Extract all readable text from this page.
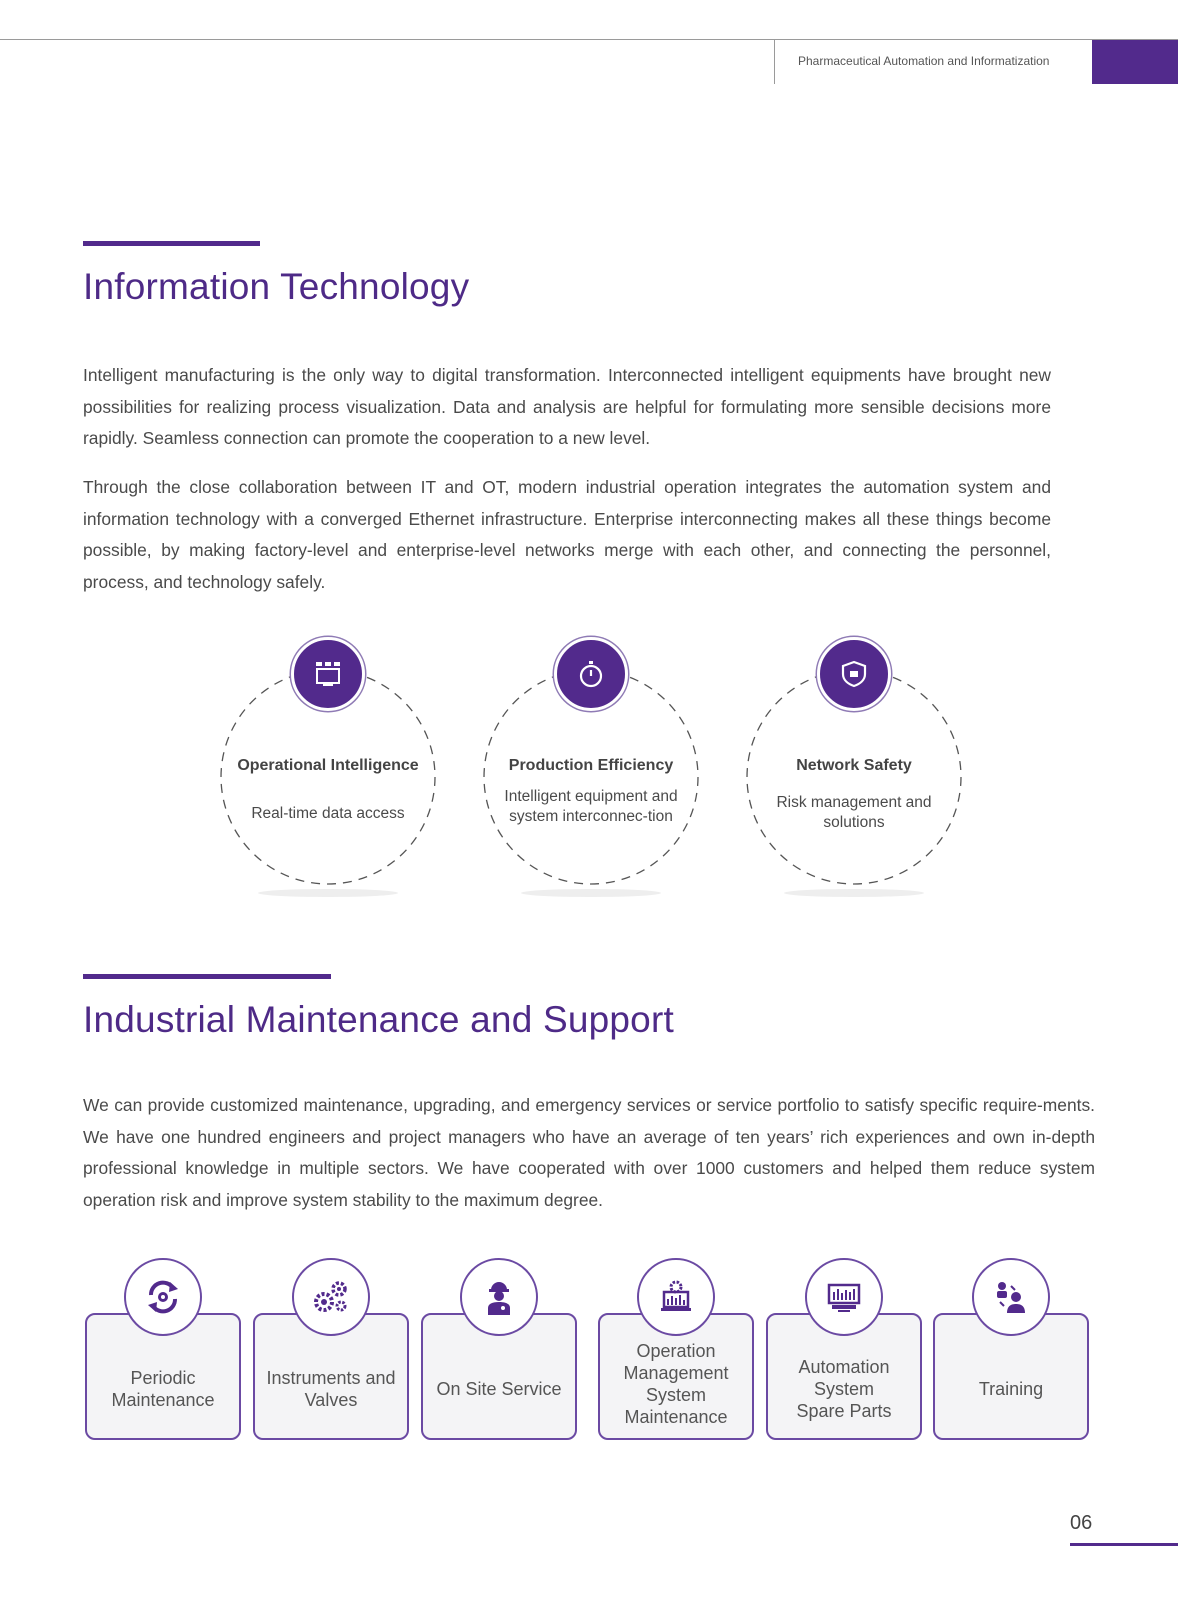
Pharmaceutical Automation and Informatization
Information Technology

Intelligent manufacturing is the only way to digital transformation. Interconnected intelligent equipments have brought new possibilities for realizing process visualization. Data and analysis are helpful for formulating more sensible decisions more rapidly. Seamless connection can promote the cooperation to a new level.

Through the close collaboration between IT and OT, modern industrial operation integrates the automation system and information technology with a converged Ethernet infrastructure. Enterprise interconnecting makes all these things become possible, by making factory-level and enterprise-level networks merge with each other, and connecting the personnel, process, and technology safely.

Operational Intelligence
Real-time data access
Production Efficiency
Intelligent equipment and system interconnec-tion
Network Safety
Risk management and solutions
Industrial Maintenance and Support

We can provide customized maintenance, upgrading, and emergency services or service portfolio to satisfy specific require-ments. We have one hundred engineers and project managers who have an average of ten years’ rich experiences and own in-depth professional knowledge in multiple sectors. We have cooperated with over 1000 customers and helped them reduce system operation risk and improve system stability to the maximum degree.

Periodic
Maintenance
Instruments and
Valves
On Site Service
Operation
Management
System
Maintenance
Automation
System
Spare Parts
Training
06
